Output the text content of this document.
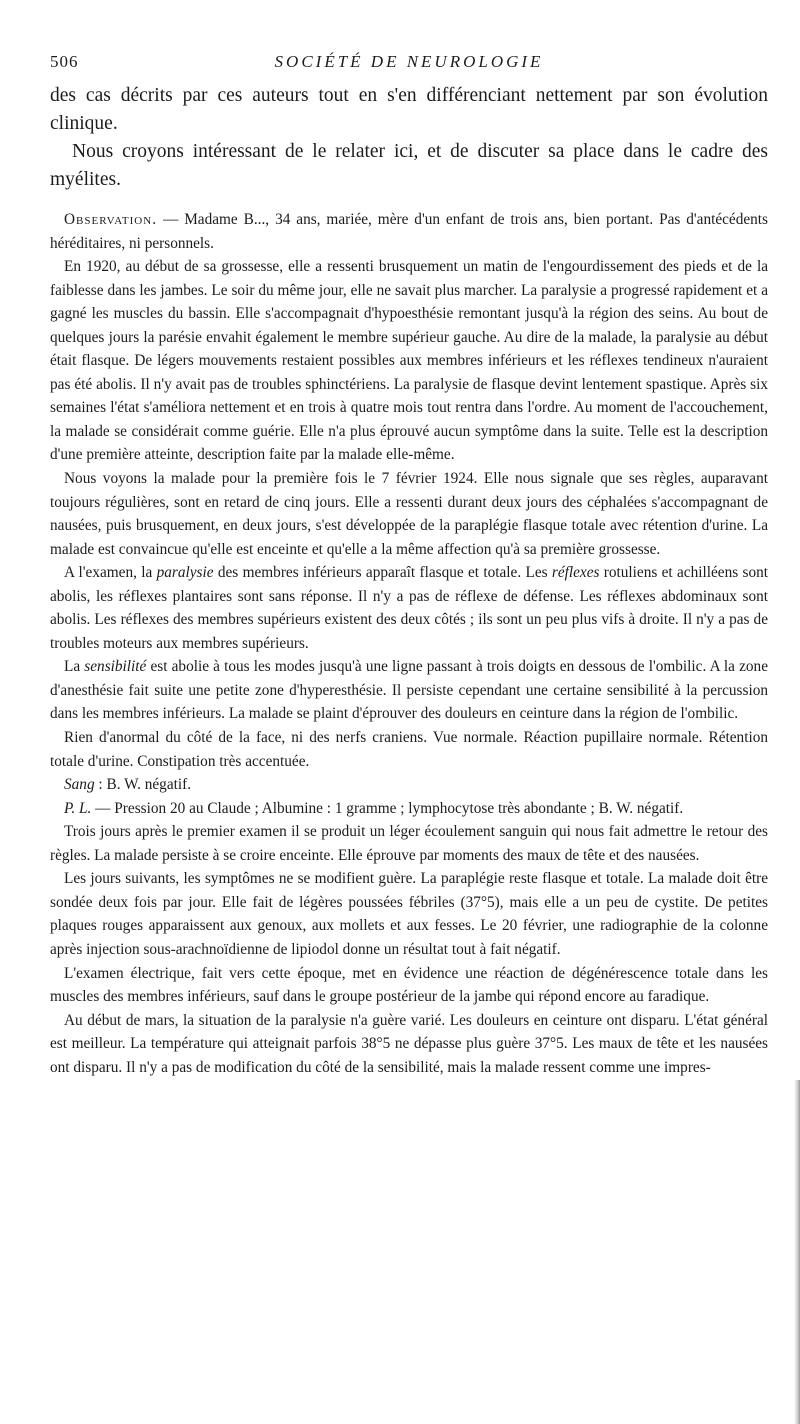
506	SOCIÉTÉ DE NEUROLOGIE

des cas décrits par ces auteurs tout en s'en différenciant nettement par son évolution clinique.

Nous croyons intéressant de le relater ici, et de discuter sa place dans le cadre des myélites.

Observation. — Madame B..., 34 ans, mariée, mère d'un enfant de trois ans, bien portant. Pas d'antécédents héréditaires, ni personnels.

En 1920, au début de sa grossesse, elle a ressenti brusquement un matin de l'engourdissement des pieds et de la faiblesse dans les jambes. Le soir du même jour, elle ne savait plus marcher. La paralysie a progressé rapidement et a gagné les muscles du bassin. Elle s'accompagnait d'hypoesthésie remontant jusqu'à la région des seins. Au bout de quelques jours la parésie envahit également le membre supérieur gauche. Au dire de la malade, la paralysie au début était flasque. De légers mouvements restaient possibles aux membres inférieurs et les réflexes tendineux n'auraient pas été abolis. Il n'y avait pas de troubles sphinctériens. La paralysie de flasque devint lentement spastique. Après six semaines l'état s'améliora nettement et en trois à quatre mois tout rentra dans l'ordre. Au moment de l'accouchement, la malade se considérait comme guérie. Elle n'a plus éprouvé aucun symptôme dans la suite. Telle est la description d'une première atteinte, description faite par la malade elle-même.

Nous voyons la malade pour la première fois le 7 février 1924. Elle nous signale que ses règles, auparavant toujours régulières, sont en retard de cinq jours. Elle a ressenti durant deux jours des céphalées s'accompagnant de nausées, puis brusquement, en deux jours, s'est développée de la paraplégie flasque totale avec rétention d'urine. La malade est convaincue qu'elle est enceinte et qu'elle a la même affection qu'à sa première grossesse.

A l'examen, la paralysie des membres inférieurs apparaît flasque et totale. Les réflexes rotuliens et achilléens sont abolis, les réflexes plantaires sont sans réponse. Il n'y a pas de réflexe de défense. Les réflexes abdominaux sont abolis. Les réflexes des membres supérieurs existent des deux côtés ; ils sont un peu plus vifs à droite. Il n'y a pas de troubles moteurs aux membres supérieurs.

La sensibilité est abolie à tous les modes jusqu'à une ligne passant à trois doigts en dessous de l'ombilic. A la zone d'anesthésie fait suite une petite zone d'hyperesthésie. Il persiste cependant une certaine sensibilité à la percussion dans les membres inférieurs. La malade se plaint d'éprouver des douleurs en ceinture dans la région de l'ombilic.

Rien d'anormal du côté de la face, ni des nerfs craniens. Vue normale. Réaction pupillaire normale. Rétention totale d'urine. Constipation très accentuée.

Sang : B. W. négatif.

P. L. — Pression 20 au Claude ; Albumine : 1 gramme ; lymphocytose très abondante ; B. W. négatif.

Trois jours après le premier examen il se produit un léger écoulement sanguin qui nous fait admettre le retour des règles. La malade persiste à se croire enceinte. Elle éprouve par moments des maux de tête et des nausées.

Les jours suivants, les symptômes ne se modifient guère. La paraplégie reste flasque et totale. La malade doit être sondée deux fois par jour. Elle fait de légères poussées fébriles (37°5), mais elle a un peu de cystite. De petites plaques rouges apparaissent aux genoux, aux mollets et aux fesses. Le 20 février, une radiographie de la colonne après injection sous-arachnoïdienne de lipiodol donne un résultat tout à fait négatif.

L'examen électrique, fait vers cette époque, met en évidence une réaction de dégénérescence totale dans les muscles des membres inférieurs, sauf dans le groupe postérieur de la jambe qui répond encore au faradique.

Au début de mars, la situation de la paralysie n'a guère varié. Les douleurs en ceinture ont disparu. L'état général est meilleur. La température qui atteignait parfois 38°5 ne dépasse plus guère 37°5. Les maux de tête et les nausées ont disparu. Il n'y a pas de modification du côté de la sensibilité, mais la malade ressent comme une impres-
